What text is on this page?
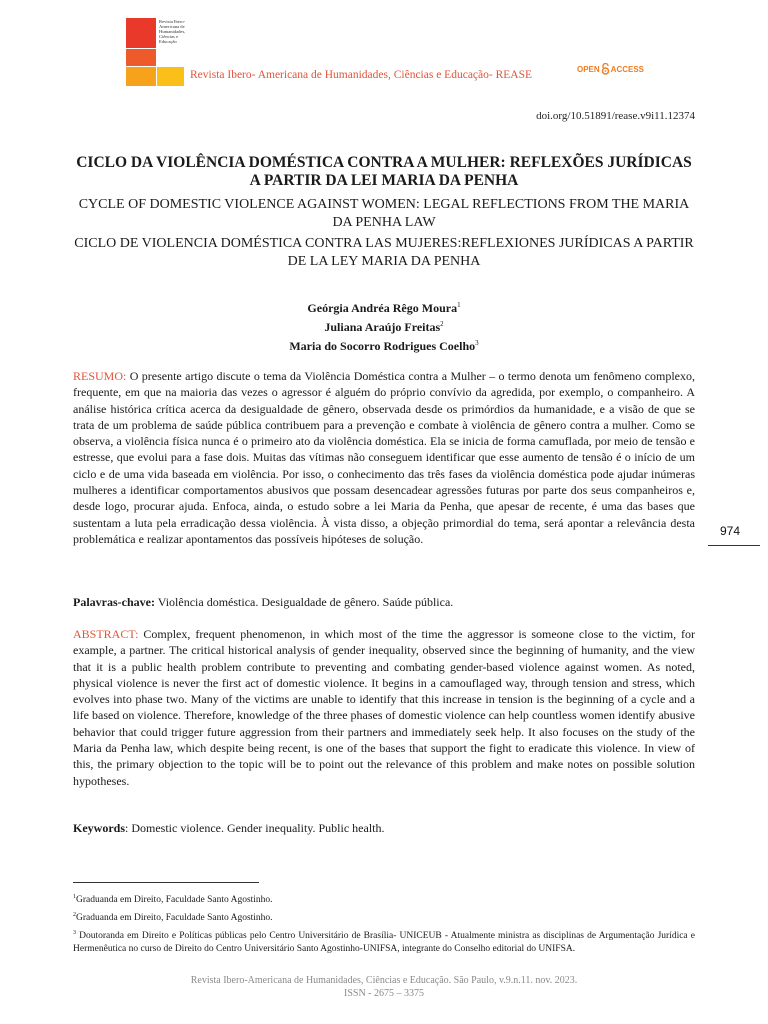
Revista Ibero-Americana de Humanidades, Ciências e Educação
Revista Ibero- Americana de Humanidades, Ciências e Educação- REASE	OPEN ACCESS
doi.org/10.51891/rease.v9i11.12374
CICLO DA VIOLÊNCIA DOMÉSTICA CONTRA A MULHER: REFLEXÕES JURÍDICAS A PARTIR DA LEI MARIA DA PENHA
CYCLE OF DOMESTIC VIOLENCE AGAINST WOMEN: LEGAL REFLECTIONS FROM THE MARIA DA PENHA LAW
CICLO DE VIOLENCIA DOMÉSTICA CONTRA LAS MUJERES:REFLEXIONES JURÍDICAS A PARTIR DE LA LEY MARIA DA PENHA
Geórgia Andréa Rêgo Moura$^1$
Juliana Araújo Freitas$^2$
Maria do Socorro Rodrigues Coelho$^3$
RESUMO: O presente artigo discute o tema da Violência Doméstica contra a Mulher – o termo denota um fenômeno complexo, frequente, em que na maioria das vezes o agressor é alguém do próprio convívio da agredida, por exemplo, o companheiro. A análise histórica crítica acerca da desigualdade de gênero, observada desde os primórdios da humanidade, e a visão de que se trata de um problema de saúde pública contribuem para a prevenção e combate à violência de gênero contra a mulher. Como se observa, a violência física nunca é o primeiro ato da violência doméstica. Ela se inicia de forma camuflada, por meio de tensão e estresse, que evolui para a fase dois. Muitas das vítimas não conseguem identificar que esse aumento de tensão é o início de um ciclo e de uma vida baseada em violência. Por isso, o conhecimento das três fases da violência doméstica pode ajudar inúmeras mulheres a identificar comportamentos abusivos que possam desencadear agressões futuras por parte dos seus companheiros e, desde logo, procurar ajuda. Enfoca, ainda, o estudo sobre a lei Maria da Penha, que apesar de recente, é uma das bases que sustentam a luta pela erradicação dessa violência. À vista disso, a objeção primordial do tema, será apontar a relevância desta problemática e realizar apontamentos das possíveis hipóteses de solução.
Palavras-chave: Violência doméstica. Desigualdade de gênero. Saúde pública.
ABSTRACT: Complex, frequent phenomenon, in which most of the time the aggressor is someone close to the victim, for example, a partner. The critical historical analysis of gender inequality, observed since the beginning of humanity, and the view that it is a public health problem contribute to preventing and combating gender-based violence against women. As noted, physical violence is never the first act of domestic violence. It begins in a camouflaged way, through tension and stress, which evolves into phase two. Many of the victims are unable to identify that this increase in tension is the beginning of a cycle and a life based on violence. Therefore, knowledge of the three phases of domestic violence can help countless women identify abusive behavior that could trigger future aggression from their partners and immediately seek help. It also focuses on the study of the Maria da Penha law, which despite being recent, is one of the bases that support the fight to eradicate this violence. In view of this, the primary objection to the topic will be to point out the relevance of this problem and make notes on possible solution hypotheses.
Keywords: Domestic violence. Gender inequality. Public health.
974

$^1$Graduanda em Direito, Faculdade Santo Agostinho.

$^2$Graduanda em Direito, Faculdade Santo Agostinho.

$^3$ Doutoranda em Direito e Políticas públicas pelo Centro Universitário de Brasília- UNICEUB - Atualmente ministra as disciplinas de Argumentação Jurídica e Hermenêutica no curso de Direito do Centro Universitário Santo Agostinho-UNIFSA, integrante do Conselho editorial do UNIFSA.

Revista Ibero-Americana de Humanidades, Ciências e Educação. São Paulo, v.9.n.11. nov. 2023.
ISSN - 2675 – 3375
